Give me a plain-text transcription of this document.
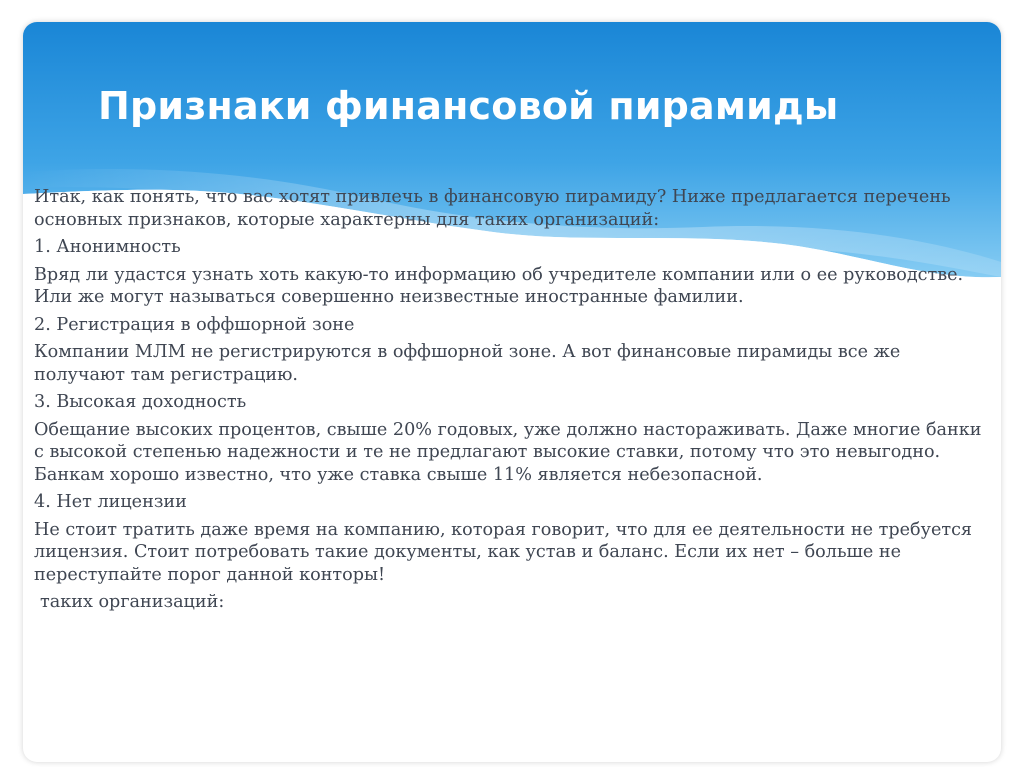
Признаки финансовой пирамиды

Итак, как понять, что вас хотят привлечь в финансовую пирамиду? Ниже предлагается перечень основных признаков, которые характерны для таких организаций:

1. Анонимность

Вряд ли удастся узнать хоть какую-то информацию об учредителе компании или о ее руководстве. Или же могут называться совершенно неизвестные иностранные фамилии.

2. Регистрация в оффшорной зоне

Компании МЛМ не регистрируются в оффшорной зоне. А вот финансовые пирамиды все же получают там регистрацию.

3. Высокая доходность

Обещание высоких процентов, свыше 20% годовых, уже должно настораживать. Даже многие банки с высокой степенью надежности и те не предлагают высокие ставки, потому что это невыгодно. Банкам хорошо известно, что уже ставка свыше 11% является небезопасной.

4. Нет лицензии

Не стоит тратить даже время на компанию, которая говорит, что для ее деятельности не требуется лицензия. Стоит потребовать такие документы, как устав и баланс. Если их нет – больше не переступайте порог данной конторы!

таких организаций:
